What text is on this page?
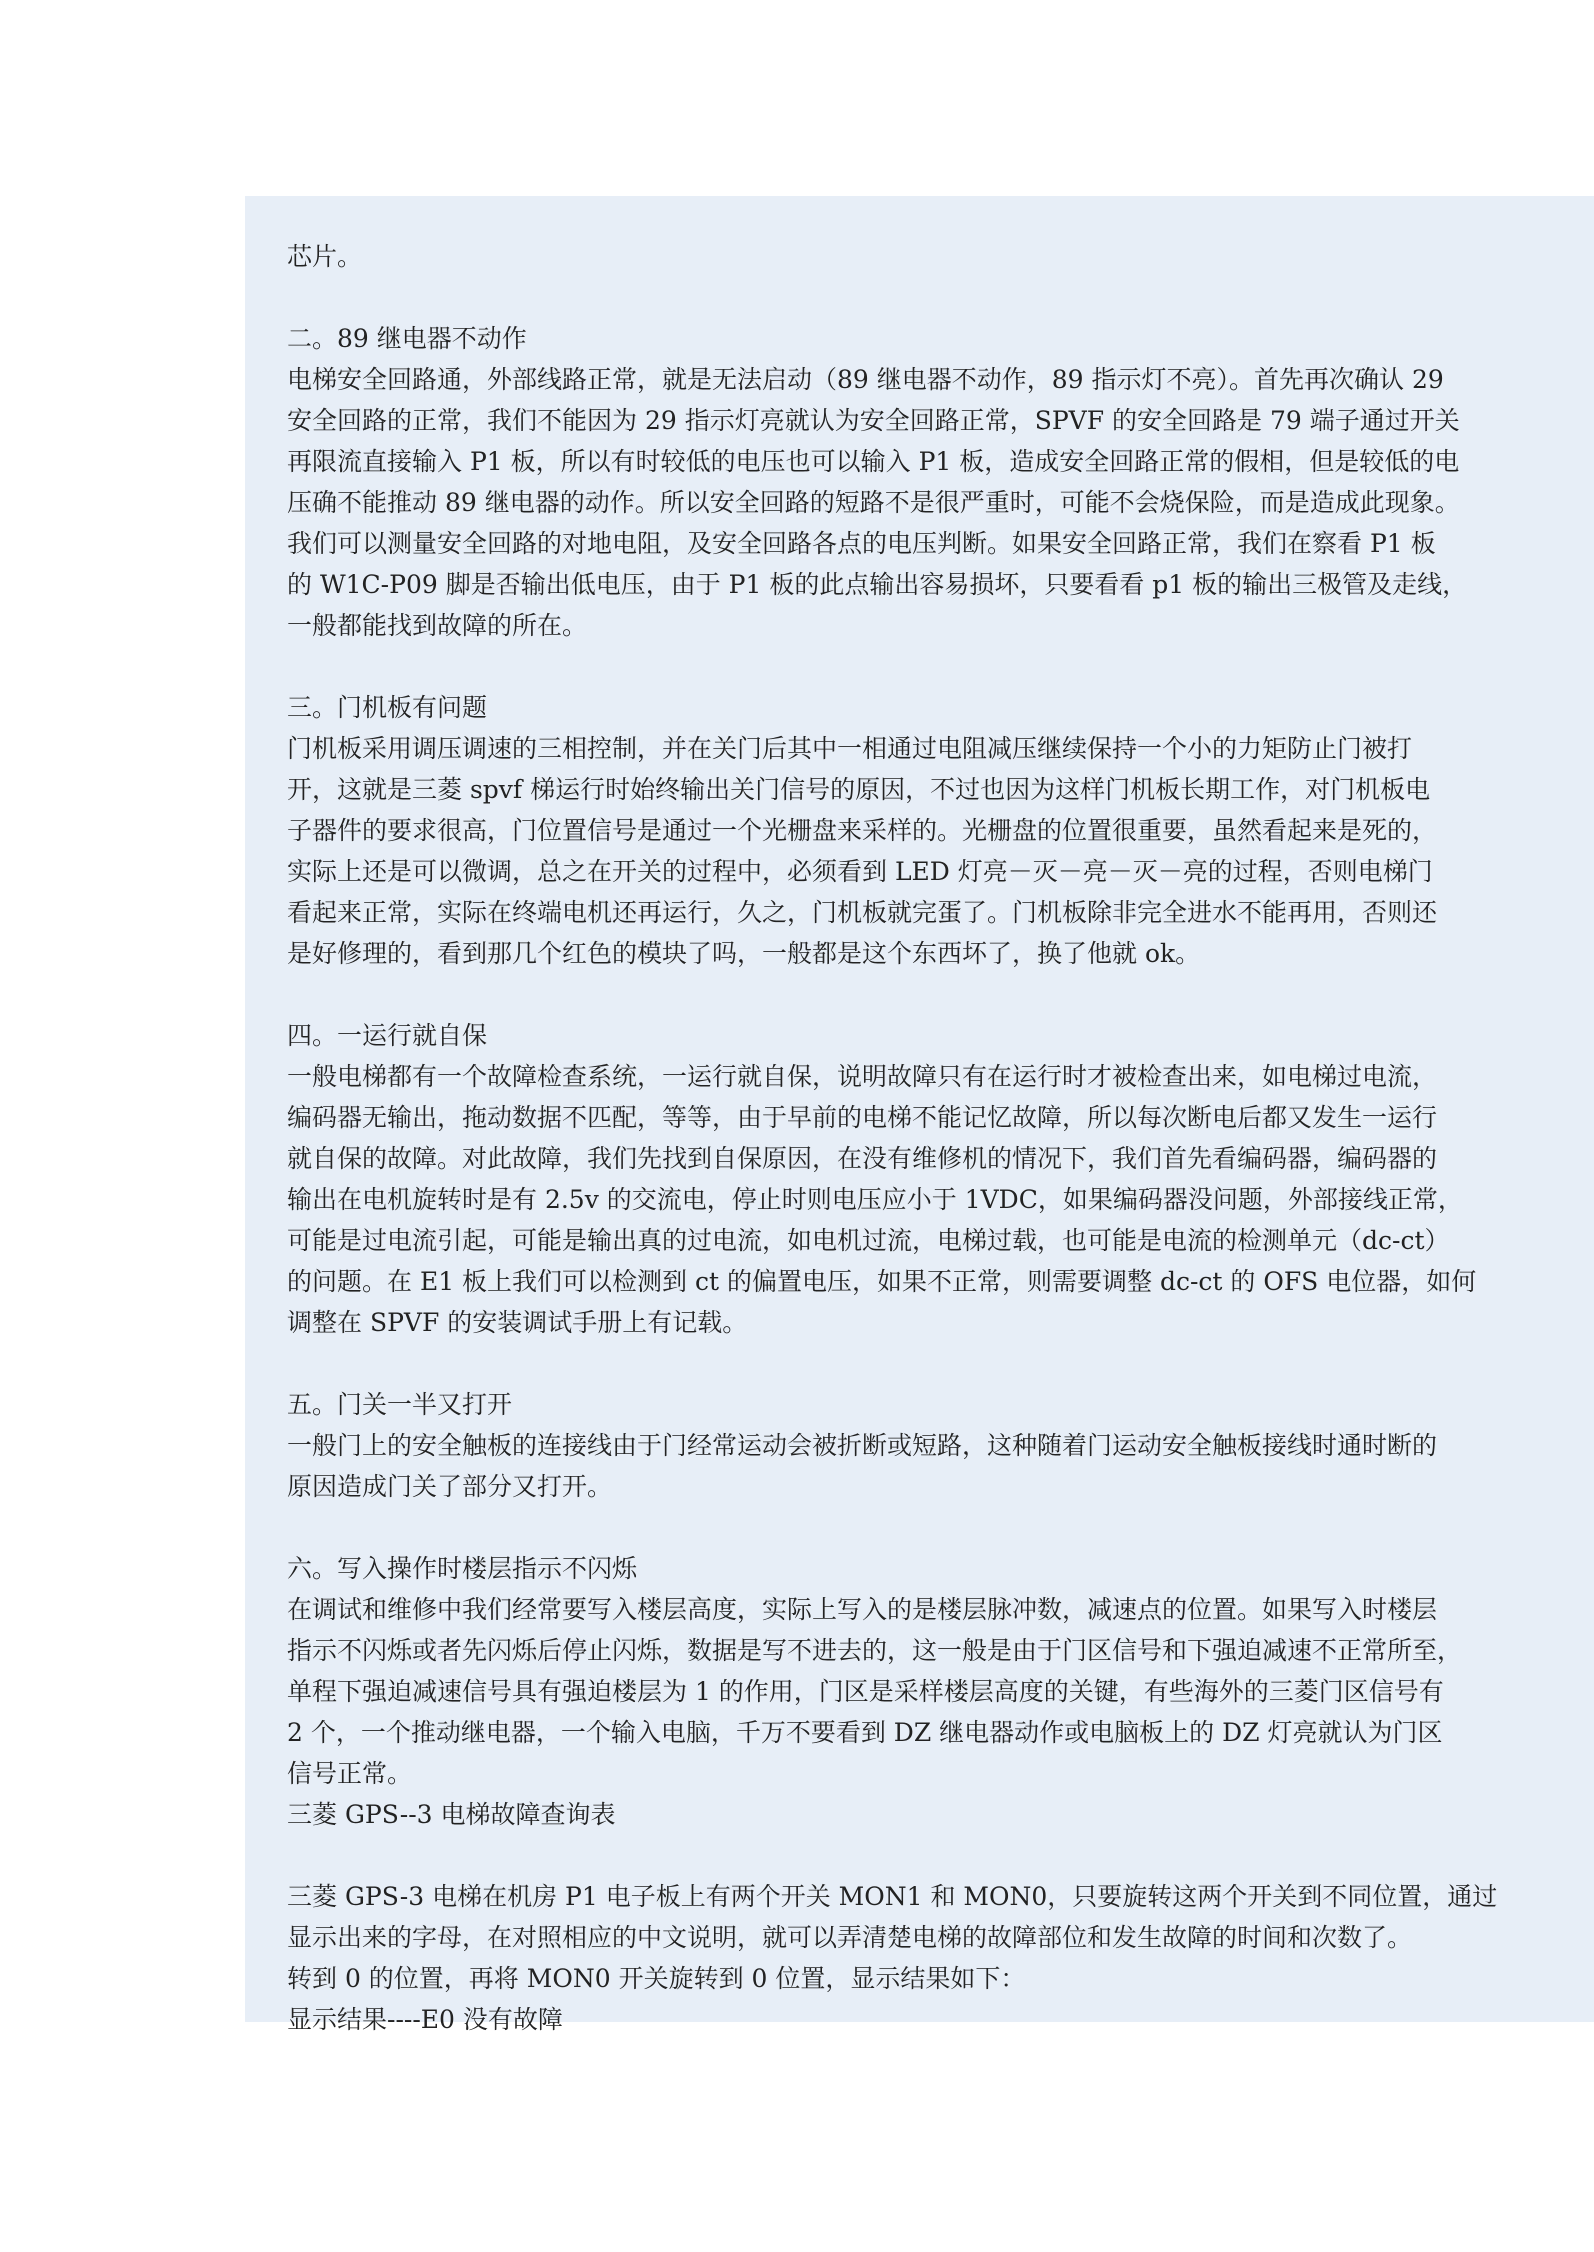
芯片。
二。89 继电器不动作
电梯安全回路通，外部线路正常，就是无法启动（89 继电器不动作，89 指示灯不亮）。首先再次确认 29
安全回路的正常，我们不能因为 29 指示灯亮就认为安全回路正常，SPVF 的安全回路是 79 端子通过开关
再限流直接输入 P1 板，所以有时较低的电压也可以输入 P1 板，造成安全回路正常的假相，但是较低的电
压确不能推动 89 继电器的动作。所以安全回路的短路不是很严重时，可能不会烧保险，而是造成此现象。
我们可以测量安全回路的对地电阻，及安全回路各点的电压判断。如果安全回路正常，我们在察看 P1 板
的 W1C-P09 脚是否输出低电压，由于 P1 板的此点输出容易损坏，只要看看 p1 板的输出三极管及走线，
一般都能找到故障的所在。
三。门机板有问题
门机板采用调压调速的三相控制，并在关门后其中一相通过电阻减压继续保持一个小的力矩防止门被打
开，这就是三菱 spvf 梯运行时始终输出关门信号的原因，不过也因为这样门机板长期工作，对门机板电
子器件的要求很高，门位置信号是通过一个光栅盘来采样的。光栅盘的位置很重要，虽然看起来是死的，
实际上还是可以微调，总之在开关的过程中，必须看到 LED 灯亮－灭－亮－灭－亮的过程，否则电梯门
看起来正常，实际在终端电机还再运行，久之，门机板就完蛋了。门机板除非完全进水不能再用，否则还
是好修理的，看到那几个红色的模块了吗，一般都是这个东西坏了，换了他就 ok。
四。一运行就自保
一般电梯都有一个故障检查系统，一运行就自保，说明故障只有在运行时才被检查出来，如电梯过电流，
编码器无输出，拖动数据不匹配，等等，由于早前的电梯不能记忆故障，所以每次断电后都又发生一运行
就自保的故障。对此故障，我们先找到自保原因，在没有维修机的情况下，我们首先看编码器，编码器的
输出在电机旋转时是有 2.5v 的交流电，停止时则电压应小于 1VDC，如果编码器没问题，外部接线正常，
可能是过电流引起，可能是输出真的过电流，如电机过流，电梯过载，也可能是电流的检测单元（dc-ct）
的问题。在 E1 板上我们可以检测到 ct 的偏置电压，如果不正常，则需要调整 dc-ct 的 OFS 电位器，如何
调整在 SPVF 的安装调试手册上有记载。
五。门关一半又打开
一般门上的安全触板的连接线由于门经常运动会被折断或短路，这种随着门运动安全触板接线时通时断的
原因造成门关了部分又打开。
六。写入操作时楼层指示不闪烁
在调试和维修中我们经常要写入楼层高度，实际上写入的是楼层脉冲数，减速点的位置。如果写入时楼层
指示不闪烁或者先闪烁后停止闪烁，数据是写不进去的，这一般是由于门区信号和下强迫减速不正常所至，
单程下强迫减速信号具有强迫楼层为 1 的作用，门区是采样楼层高度的关键，有些海外的三菱门区信号有
2 个，一个推动继电器，一个输入电脑，千万不要看到 DZ 继电器动作或电脑板上的 DZ 灯亮就认为门区
信号正常。
三菱 GPS--3 电梯故障查询表
三菱 GPS-3 电梯在机房 P1 电子板上有两个开关 MON1 和 MON0，只要旋转这两个开关到不同位置，通过
显示出来的字母，在对照相应的中文说明，就可以弄清楚电梯的故障部位和发生故障的时间和次数了。
转到 0 的位置，再将 MON0 开关旋转到 0 位置，显示结果如下：
显示结果----E0 没有故障
